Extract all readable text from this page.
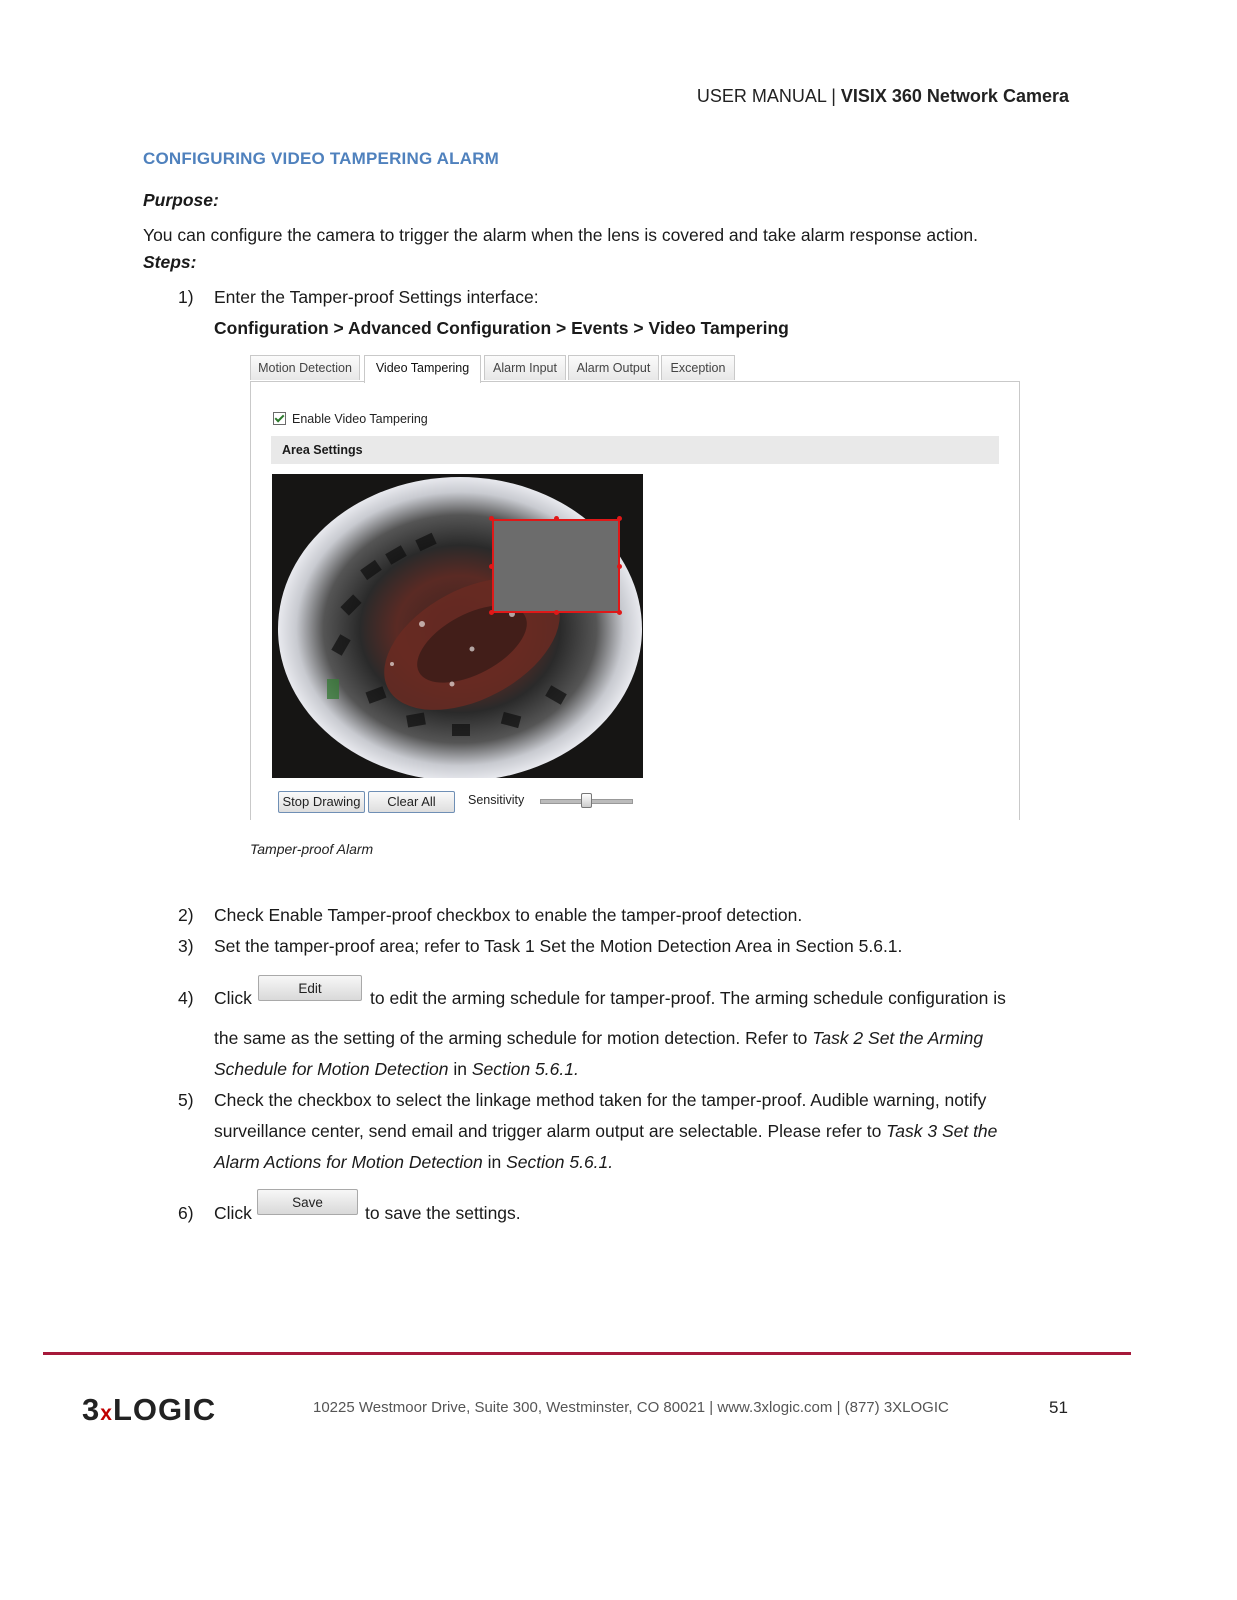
USER MANUAL | VISIX 360 Network Camera
CONFIGURING VIDEO TAMPERING ALARM
Purpose:
You can configure the camera to trigger the alarm when the lens is covered and take alarm response action.
Steps:
1)	Enter the Tamper-proof Settings interface:
Configuration > Advanced Configuration > Events > Video Tampering
Motion Detection	Video Tampering	Alarm Input	Alarm Output	Exception
Enable Video Tampering
Area Settings
Stop Drawing	Clear All	Sensitivity
Tamper-proof Alarm
2)	Check Enable Tamper-proof checkbox to enable the tamper-proof detection.
3)	Set the tamper-proof area; refer to Task 1 Set the Motion Detection Area in Section 5.6.1.
4)	Click	Edit	to edit the arming schedule for tamper-proof. The arming schedule configuration is
the same as the setting of the arming schedule for motion detection. Refer to Task 2 Set the Arming
Schedule for Motion Detection in Section 5.6.1.
5)	Check the checkbox to select the linkage method taken for the tamper-proof. Audible warning, notify
surveillance center, send email and trigger alarm output are selectable. Please refer to Task 3 Set the
Alarm Actions for Motion Detection in Section 5.6.1.
6)	Click
Save
to save the settings.
3xLOGIC	10225 Westmoor Drive, Suite 300, Westminster, CO 80021 | www.3xlogic.com | (877) 3XLOGIC	51
